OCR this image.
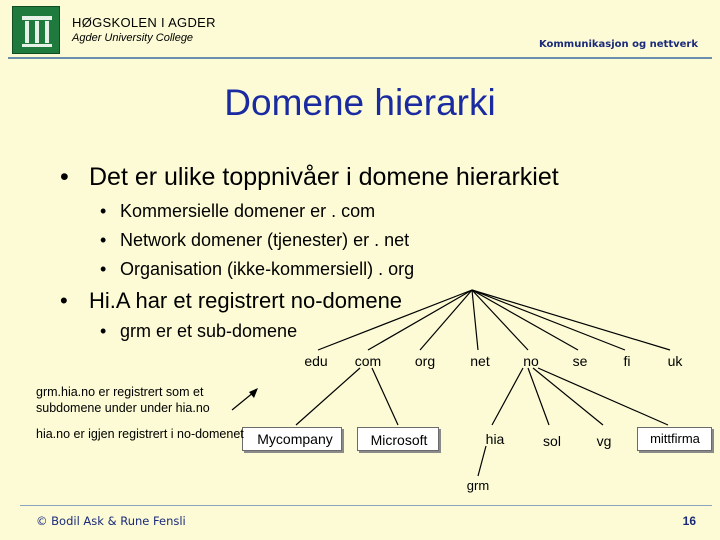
HØGSKOLEN I AGDER
Agder University College
Kommunikasjon og nettverk
Domene hierarki
• Det er ulike toppnivåer i domene hierarkiet
• Kommersielle domener er . com
• Network domener (tjenester) er . net
• Organisation (ikke-kommersiell) . org
• Hi.A har et registrert no-domene
• grm er et sub-domene
edu	com	org	net	no	se	fi	uk
Mycompany	Microsoft	hia	sol	vg	mittfirma
grm
grm.hia.no er registrert som et
subdomene under under hia.no
hia.no er igjen registrert i no-domenet
© Bodil Ask & Rune Fensli	16
